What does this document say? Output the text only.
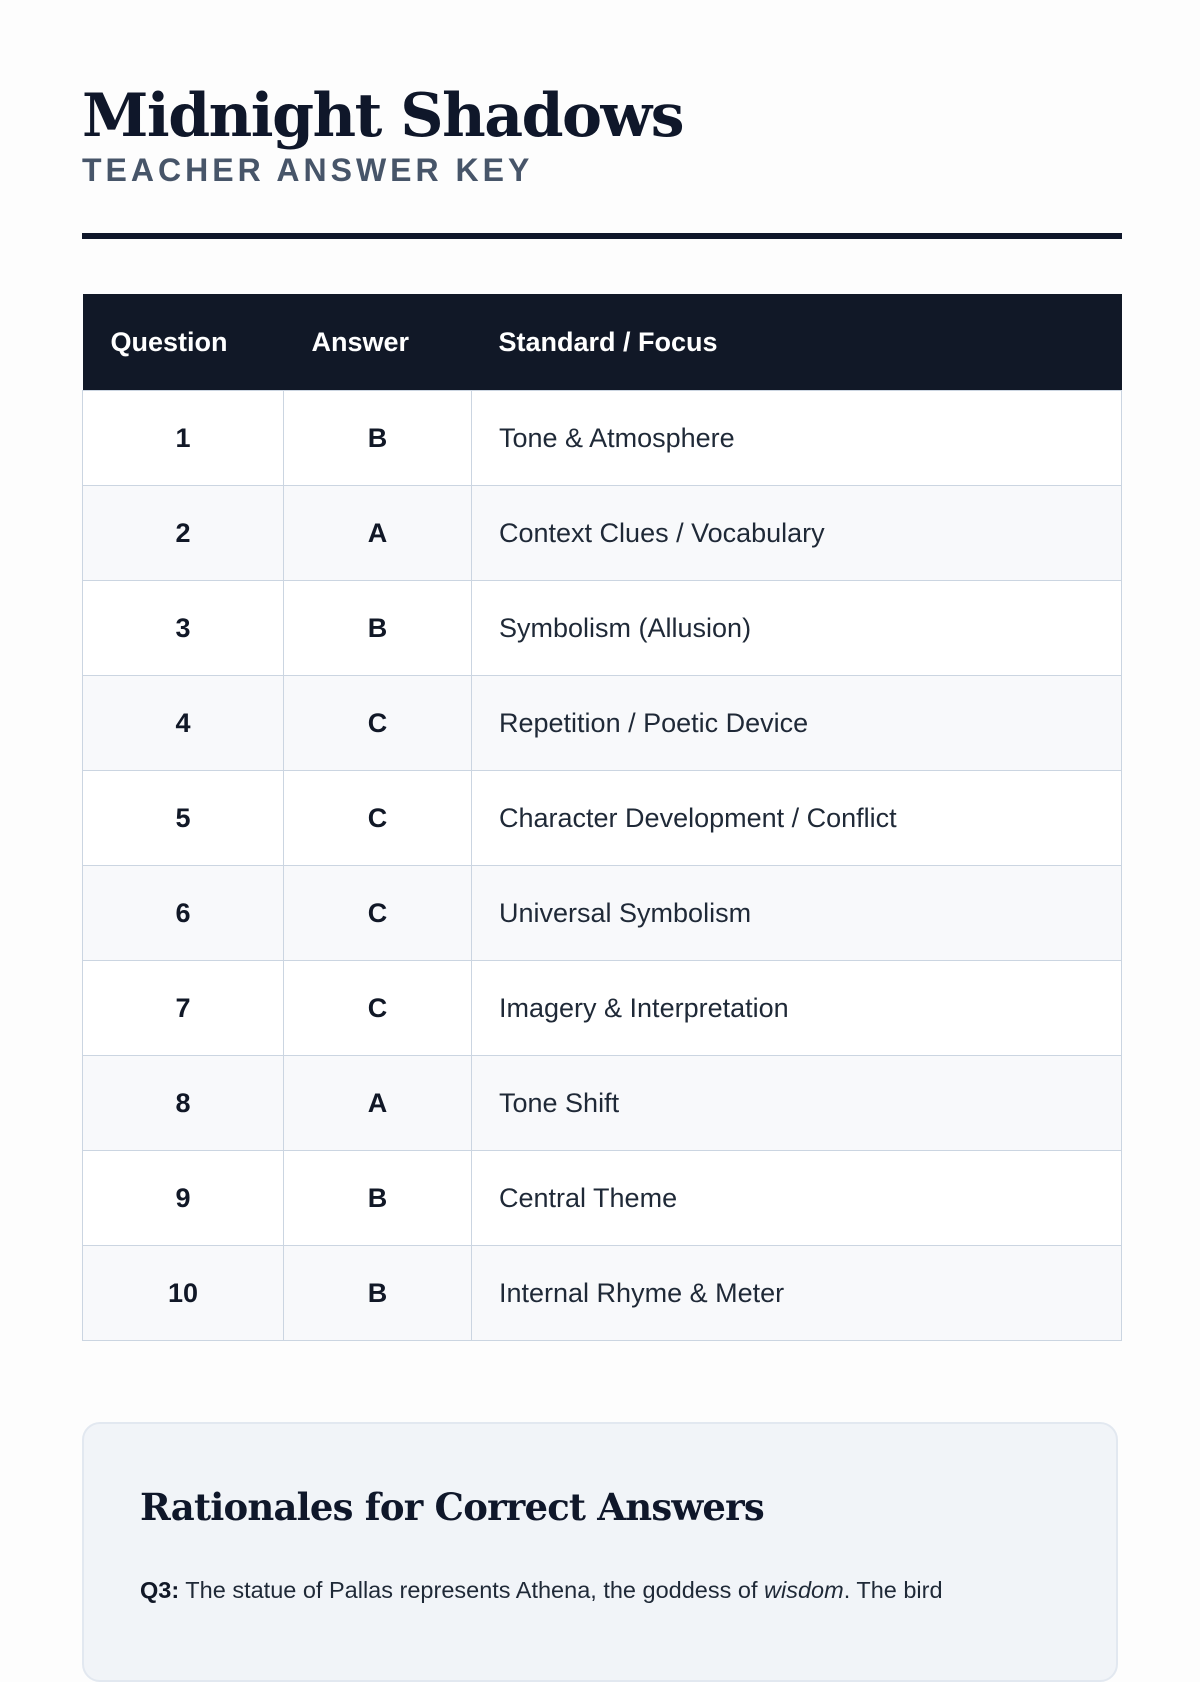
Midnight Shadows
TEACHER ANSWER KEY
Question	Answer	Standard / Focus
1	B	Tone & Atmosphere
2	A	Context Clues / Vocabulary
3	B	Symbolism (Allusion)
4	C	Repetition / Poetic Device
5	C	Character Development / Conflict
6	C	Universal Symbolism
7	C	Imagery & Interpretation
8	A	Tone Shift
9	B	Central Theme
10	B	Internal Rhyme & Meter
Rationales for Correct Answers

Q3: The statue of Pallas represents Athena, the goddess of wisdom. The bird
